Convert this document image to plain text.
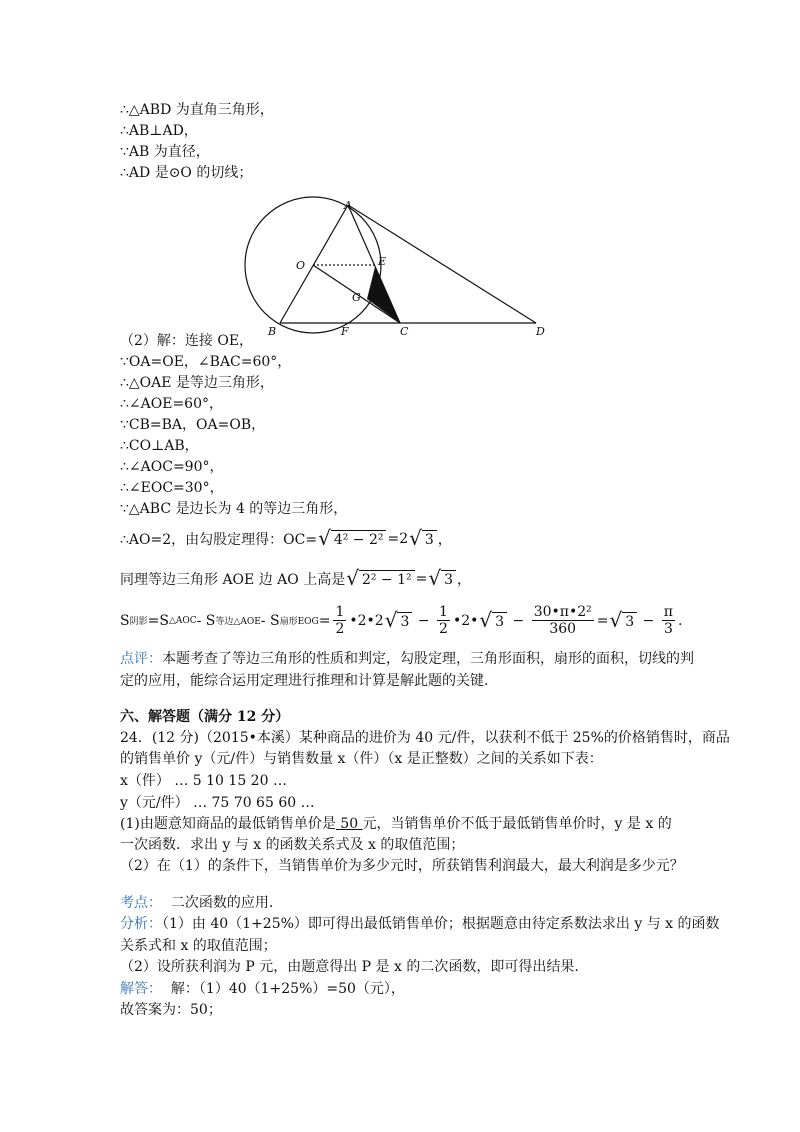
∴△ABD 为直角三角形，
∴AB⊥AD，
∵AB 为直径，
∴AD 是⊙O 的切线；
A
O	E
G
B	F	C	D
（2）解：连接 OE，
∵OA=OE，∠BAC=60°，
∴△OAE 是等边三角形，
∴∠AOE=60°，
∵CB=BA，OA=OB，
∴CO⊥AB，
∴∠AOC=90°，
∴∠EOC=30°，
∵△ABC 是边长为 4 的等边三角形，
∴AO=2，由勾股定理得：OC= √ 4² − 2² =2 √ 3 ，
同理等边三角形 AOE 边 AO 上高是 √ 2² − 1² = √ 3 ，
S 阴影 =S △AOC - S 等边△AOE - S 扇形EOG = $\frac{1}{2}$ •2•2 √ $3 - \frac{1}{2}$ •2• √ $3 - \frac{\text{30•π•2²}}{360}$ = √ $3 - \frac{\pi}{3}$ .
点评：本题考查了等边三角形的性质和判定，勾股定理，三角形面积，扇形的面积，切线的判
定的应用，能综合运用定理进行推理和计算是解此题的关键.
六、解答题（满分 12 分）
24．(12 分)（2015•本溪）某种商品的进价为 40 元/件，以获利不低于 25%的价格销售时，商品
的销售单价 y（元/件）与销售数量 x（件）（x 是正整数）之间的关系如下表：
x（件） … 5 10 15 20 …
y（元/件） … 75 70 65 60 …
(1)由题意知商品的最低销售单价是 50 元，当销售单价不低于最低销售单价时，y 是 x 的
一次函数．求出 y 与 x 的函数关系式及 x 的取值范围；
（2）在（1）的条件下，当销售单价为多少元时，所获销售利润最大，最大利润是多少元？
考点： 二次函数的应用.
分析：（1）由 40（1+25%）即可得出最低销售单价；根据题意由待定系数法求出 y 与 x 的函数
关系式和 x 的取值范围；
（2）设所获利润为 P 元，由题意得出 P 是 x 的二次函数，即可得出结果.
解答： 解：（1）40（1+25%）=50（元），
故答案为：50；
